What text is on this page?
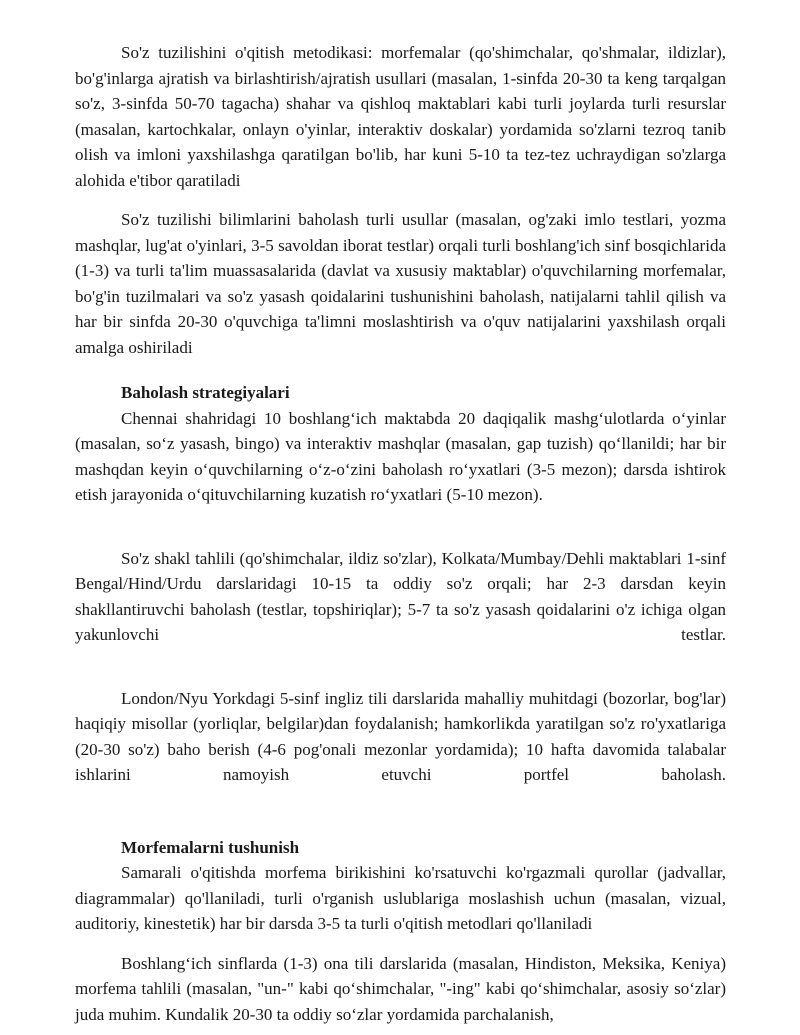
So'z tuzilishini o'qitish metodikasi: morfemalar (qo'shimchalar, qo'shmalar, ildizlar), bo'g'inlarga ajratish va birlashtirish/ajratish usullari (masalan, 1-sinfda 20-30 ta keng tarqalgan so'z, 3-sinfda 50-70 tagacha) shahar va qishloq maktablari kabi turli joylarda turli resurslar (masalan, kartochkalar, onlayn o'yinlar, interaktiv doskalar) yordamida so'zlarni tezroq tanib olish va imloni yaxshilashga qaratilgan bo'lib, har kuni 5-10 ta tez-tez uchraydigan so'zlarga alohida e'tibor qaratiladi

So'z tuzilishi bilimlarini baholash turli usullar (masalan, og'zaki imlo testlari, yozma mashqlar, lug'at o'yinlari, 3-5 savoldan iborat testlar) orqali turli boshlang'ich sinf bosqichlarida (1-3) va turli ta'lim muassasalarida (davlat va xususiy maktablar) o'quvchilarning morfemalar, bo'g'in tuzilmalari va so'z yasash qoidalarini tushunishini baholash, natijalarni tahlil qilish va har bir sinfda 20-30 o'quvchiga ta'limni moslashtirish va o'quv natijalarini yaxshilash orqali amalga oshiriladi

Baholash strategiyalari

Chennai shahridagi 10 boshlang‘ich maktabda 20 daqiqalik mashg‘ulotlarda o‘yinlar (masalan, so‘z yasash, bingo) va interaktiv mashqlar (masalan, gap tuzish) qo‘llanildi; har bir mashqdan keyin o‘quvchilarning o‘z-o‘zini baholash ro‘yxatlari (3-5 mezon); darsda ishtirok etish jarayonida o‘qituvchilarning kuzatish ro‘yxatlari (5-10 mezon).

So'z shakl tahlili (qo'shimchalar, ildiz so'zlar), Kolkata/Mumbay/Dehli maktablari 1-sinf Bengal/Hind/Urdu darslaridagi 10-15 ta oddiy so'z orqali; har 2-3 darsdan keyin shakllantiruvchi baholash (testlar, topshiriqlar); 5-7 ta so'z yasash qoidalarini o'z ichiga olgan yakunlovchi testlar.

London/Nyu Yorkdagi 5-sinf ingliz tili darslarida mahalliy muhitdagi (bozorlar, bog'lar) haqiqiy misollar (yorliqlar, belgilar)dan foydalanish; hamkorlikda yaratilgan so'z ro'yxatlariga (20-30 so'z) baho berish (4-6 pog'onali mezonlar yordamida); 10 hafta davomida talabalar ishlarini namoyish etuvchi portfel baholash.

Morfemalarni tushunish

Samarali o'qitishda morfema birikishini ko'rsatuvchi ko'rgazmali qurollar (jadvallar, diagrammalar) qo'llaniladi, turli o'rganish uslublariga moslashish uchun (masalan, vizual, auditoriy, kinestetik) har bir darsda 3-5 ta turli o'qitish metodlari qo'llaniladi

Boshlang‘ich sinflarda (1-3) ona tili darslarida (masalan, Hindiston, Meksika, Keniya) morfema tahlili (masalan, "un-" kabi qo‘shimchalar, "-ing" kabi qo‘shimchalar, asosiy so‘zlar) juda muhim. Kundalik 20-30 ta oddiy so‘zlar yordamida parchalanish,
